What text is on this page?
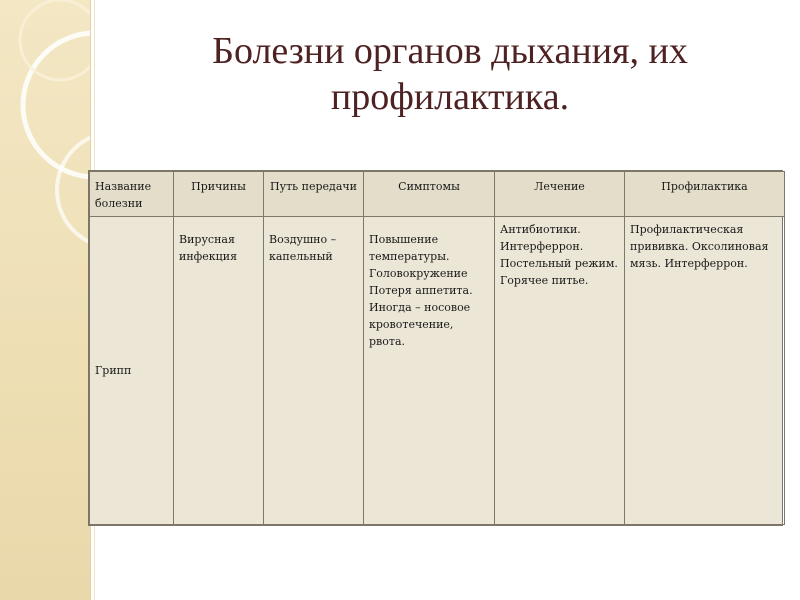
Болезни органов дыхания, их профилактика.
Название болезни	Причины	Путь передачи	Симптомы	Лечение	Профилактика
Грипп	Вирусная инфекция	Воздушно – капельный	Повышение температуры. Головокружение Потеря аппетита. Иногда – носовое кровотечение, рвота.	Антибиотики. Интерферрон. Постельный режим. Горячее питье.	Профилактическая прививка. Оксолиновая мязь. Интерферрон.
